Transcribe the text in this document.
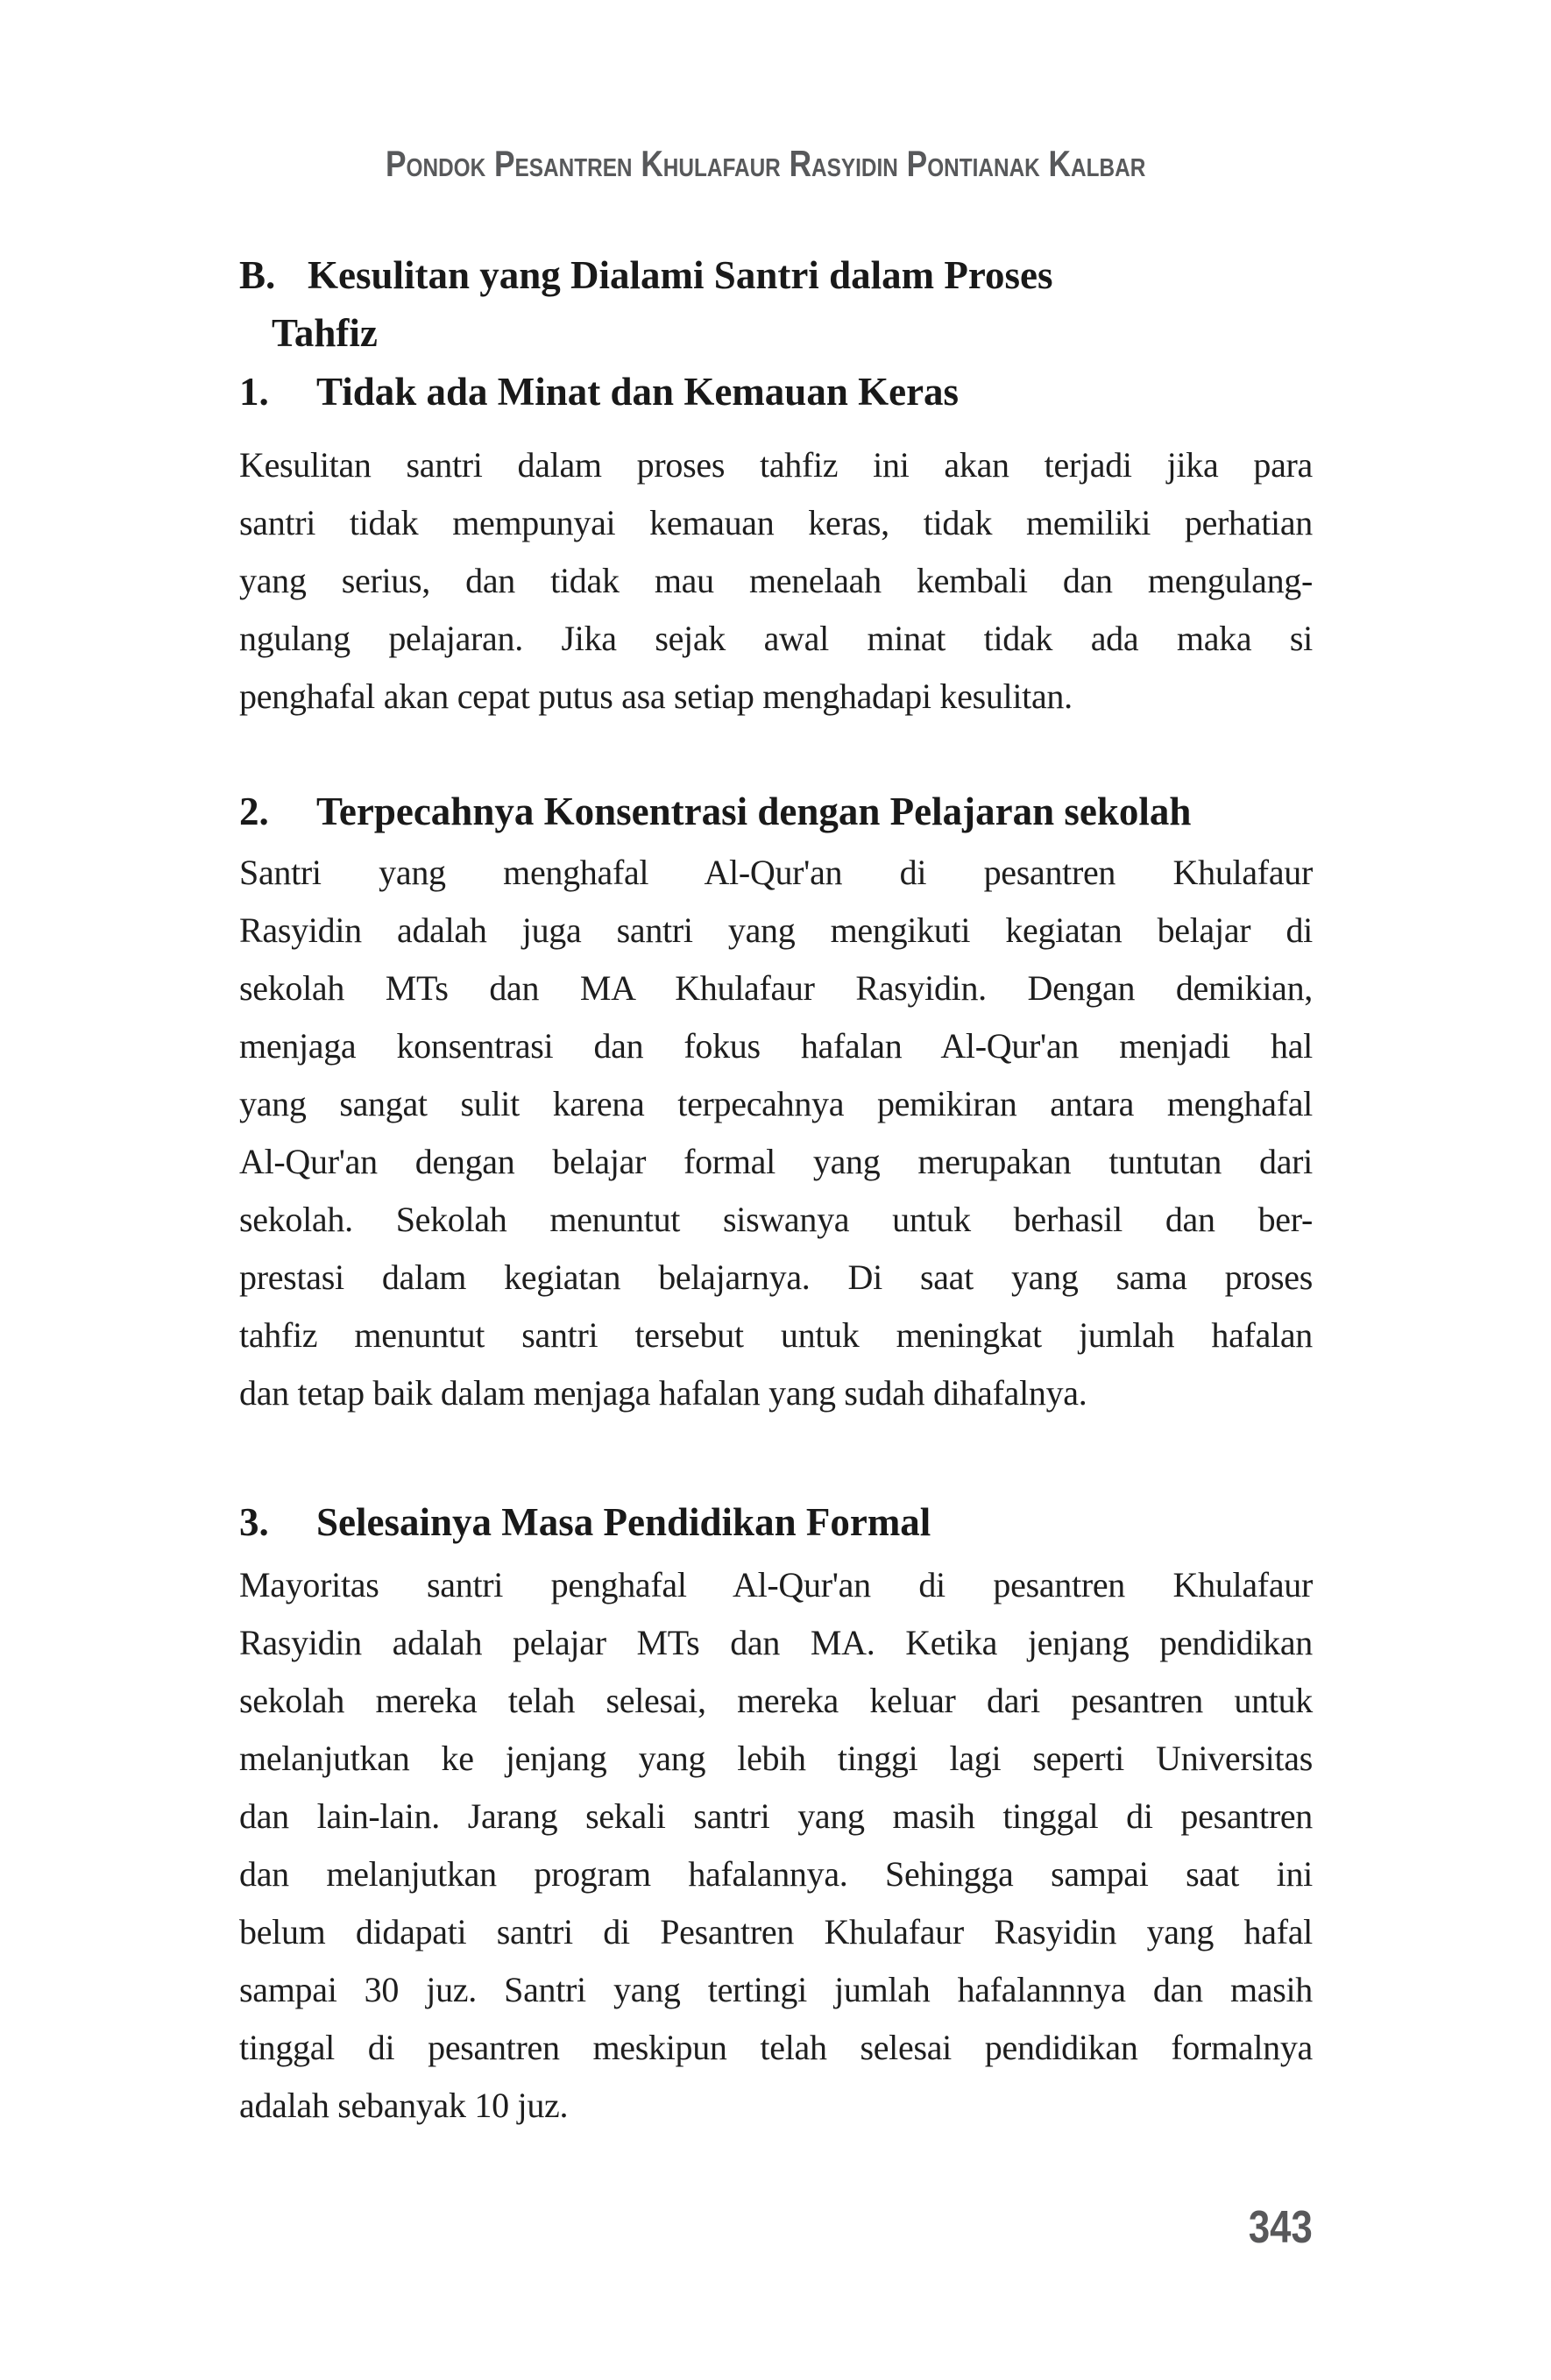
Pondok Pesantren Khulafaur Rasyidin Pontianak Kalbar
B. Kesulitan yang Dialami Santri dalam Proses
Tahfiz
1.	Tidak ada Minat dan Kemauan Keras
Kesulitan santri dalam proses tahfiz ini akan terjadi jika para
santri tidak mempunyai kemauan keras, tidak memiliki perhatian
yang serius, dan tidak mau menelaah kembali dan mengulang-
ngulang pelajaran. Jika sejak awal minat tidak ada maka si
penghafal akan cepat putus asa setiap menghadapi kesulitan.
2.	Terpecahnya Konsentrasi dengan Pelajaran sekolah
Santri yang menghafal Al-Qur'an di pesantren Khulafaur
Rasyidin adalah juga santri yang mengikuti kegiatan belajar di
sekolah MTs dan MA Khulafaur Rasyidin. Dengan demikian,
menjaga konsentrasi dan fokus hafalan Al-Qur'an menjadi hal
yang sangat sulit karena terpecahnya pemikiran antara menghafal
Al-Qur'an dengan belajar formal yang merupakan tuntutan dari
sekolah. Sekolah menuntut siswanya untuk berhasil dan ber-
prestasi dalam kegiatan belajarnya. Di saat yang sama proses
tahfiz menuntut santri tersebut untuk meningkat jumlah hafalan
dan tetap baik dalam menjaga hafalan yang sudah dihafalnya.
3.	Selesainya Masa Pendidikan Formal
Mayoritas santri penghafal Al-Qur'an di pesantren Khulafaur
Rasyidin adalah pelajar MTs dan MA. Ketika jenjang pendidikan
sekolah mereka telah selesai, mereka keluar dari pesantren untuk
melanjutkan ke jenjang yang lebih tinggi lagi seperti Universitas
dan lain-lain. Jarang sekali santri yang masih tinggal di pesantren
dan melanjutkan program hafalannya. Sehingga sampai saat ini
belum didapati santri di Pesantren Khulafaur Rasyidin yang hafal
sampai 30 juz. Santri yang tertingi jumlah hafalannnya dan masih
tinggal di pesantren meskipun telah selesai pendidikan formalnya
adalah sebanyak 10 juz.
343
